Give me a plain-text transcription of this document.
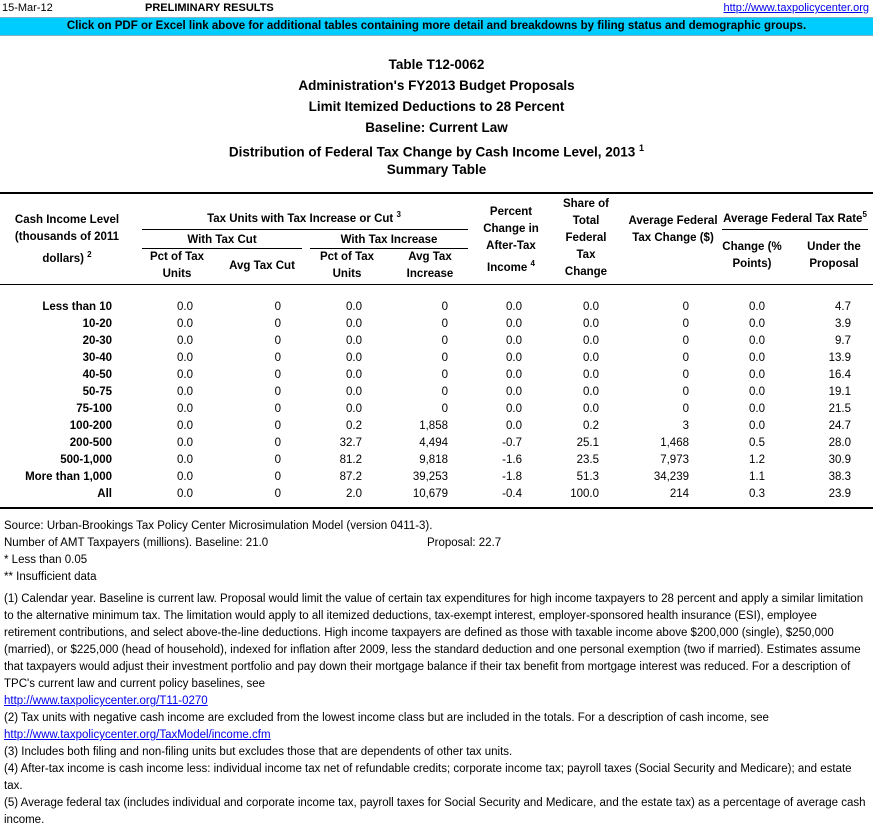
15-Mar-12	PRELIMINARY RESULTS	http://www.taxpolicycenter.org
Click on PDF or Excel link above for additional tables containing more detail and breakdowns by filing status and demographic groups.
Table T12-0062
Administration's FY2013 Budget Proposals
Limit Itemized Deductions to 28 Percent
Baseline: Current Law
Distribution of Federal Tax Change by Cash Income Level, 2013 $^1$
Summary Table
Cash Income Level (thousands of 2011 dollars) $^2$
Tax Units with Tax Increase or Cut $^3$
With Tax Cut	With Tax Increase
Pct of Tax Units
Avg Tax Cut
Pct of Tax Units
Avg Tax Increase
Percent Change in After-Tax Income $^4$
Share of Total Federal Tax Change
Average Federal Tax Change ($)
Average Federal Tax Rate$^5$
Change (% Points)
Under the Proposal
Less than 10	0.0	0	0.0	0	0.0	0.0	0	0.0	4.7
10-20	0.0	0	0.0	0	0.0	0.0	0	0.0	3.9
20-30	0.0	0	0.0	0	0.0	0.0	0	0.0	9.7
30-40	0.0	0	0.0	0	0.0	0.0	0	0.0	13.9
40-50	0.0	0	0.0	0	0.0	0.0	0	0.0	16.4
50-75	0.0	0	0.0	0	0.0	0.0	0	0.0	19.1
75-100	0.0	0	0.0	0	0.0	0.0	0	0.0	21.5
100-200	0.0	0	0.2	1,858	0.0	0.2	3	0.0	24.7
200-500	0.0	0	32.7	4,494	-0.7	25.1	1,468	0.5	28.0
500-1,000	0.0	0	81.2	9,818	-1.6	23.5	7,973	1.2	30.9
More than 1,000	0.0	0	87.2	39,253	-1.8	51.3	34,239	1.1	38.3
All	0.0	0	2.0	10,679	-0.4	100.0	214	0.3	23.9
Source: Urban-Brookings Tax Policy Center Microsimulation Model (version 0411-3).
Number of AMT Taxpayers (millions). Baseline: 21.0	Proposal: 22.7
* Less than 0.05
** Insufficient data
(1) Calendar year. Baseline is current law. Proposal would limit the value of certain tax expenditures for high income taxpayers to 28 percent and apply a similar limitation to the alternative minimum tax. The limitation would apply to all itemized deductions, tax-exempt interest, employer-sponsored health insurance (ESI), employee retirement contributions, and select above-the-line deductions. High income taxpayers are defined as those with taxable income above $200,000 (single), $250,000 (married), or $225,000 (head of household), indexed for inflation after 2009, less the standard deduction and one personal exemption (two if married). Estimates assume that taxpayers would adjust their investment portfolio and pay down their mortgage balance if their tax benefit from mortgage interest was reduced. For a description of TPC's current law and current policy baselines, see
http://www.taxpolicycenter.org/T11-0270
(2) Tax units with negative cash income are excluded from the lowest income class but are included in the totals. For a description of cash income, see
http://www.taxpolicycenter.org/TaxModel/income.cfm
(3) Includes both filing and non-filing units but excludes those that are dependents of other tax units.
(4) After-tax income is cash income less: individual income tax net of refundable credits; corporate income tax; payroll taxes (Social Security and Medicare); and estate tax.
(5) Average federal tax (includes individual and corporate income tax, payroll taxes for Social Security and Medicare, and the estate tax) as a percentage of average cash income.
